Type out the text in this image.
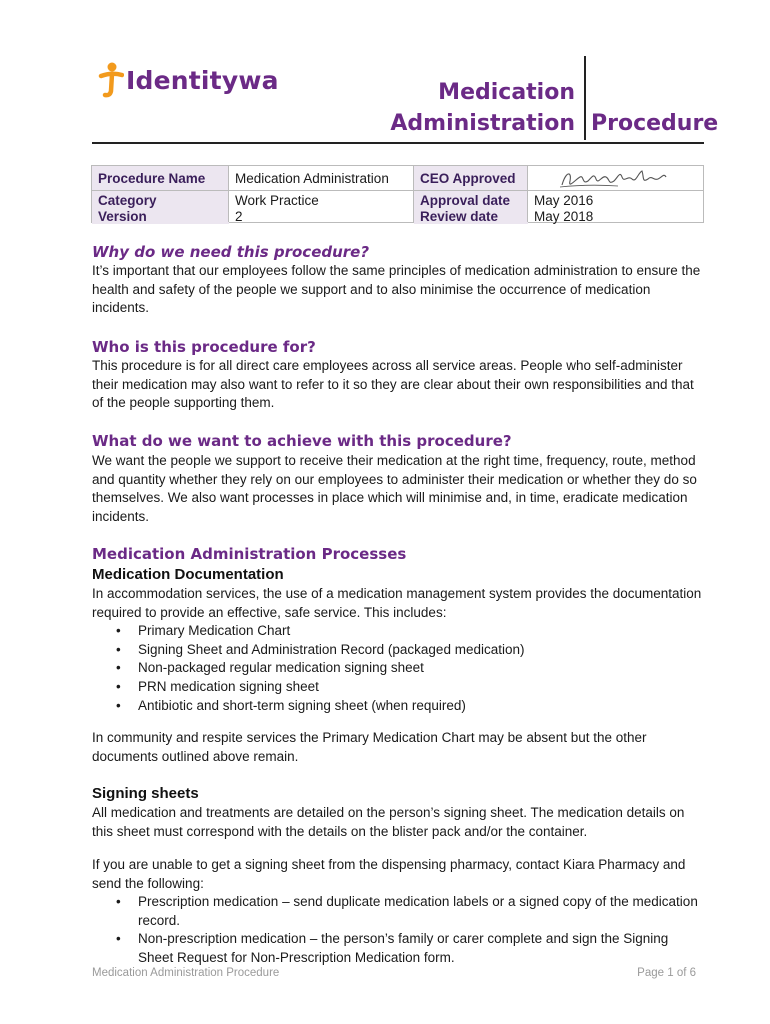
Identitywa	Medication
Administration Procedure
Procedure Name Medication Administration CEO Approved
Category
Version
Work Practice
2
Approval date
Review date
May 2016
May 2018
Why do we need this procedure?
It’s important that our employees follow the same principles of medication administration to ensure the health and safety of the people we support and to also minimise the occurrence of medication incidents.
Who is this procedure for?
This procedure is for all direct care employees across all service areas. People who self-administer their medication may also want to refer to it so they are clear about their own responsibilities and that of the people supporting them.
What do we want to achieve with this procedure?
We want the people we support to receive their medication at the right time, frequency, route, method and quantity whether they rely on our employees to administer their medication or whether they do so themselves. We also want processes in place which will minimise and, in time, eradicate medication incidents.
Medication Administration Processes
Medication Documentation
In accommodation services, the use of a medication management system provides the documentation required to provide an effective, safe service. This includes:
• Primary Medication Chart
• Signing Sheet and Administration Record (packaged medication)
• Non-packaged regular medication signing sheet
• PRN medication signing sheet
• Antibiotic and short-term signing sheet (when required)
In community and respite services the Primary Medication Chart may be absent but the other documents outlined above remain.
Signing sheets
All medication and treatments are detailed on the person’s signing sheet. The medication details on this sheet must correspond with the details on the blister pack and/or the container.
If you are unable to get a signing sheet from the dispensing pharmacy, contact Kiara Pharmacy and send the following:
• Prescription medication – send duplicate medication labels or a signed copy of the medication record.
• Non-prescription medication – the person’s family or carer complete and sign the Signing Sheet Request for Non-Prescription Medication form.
Medication Administration Procedure	Page 1 of 6
